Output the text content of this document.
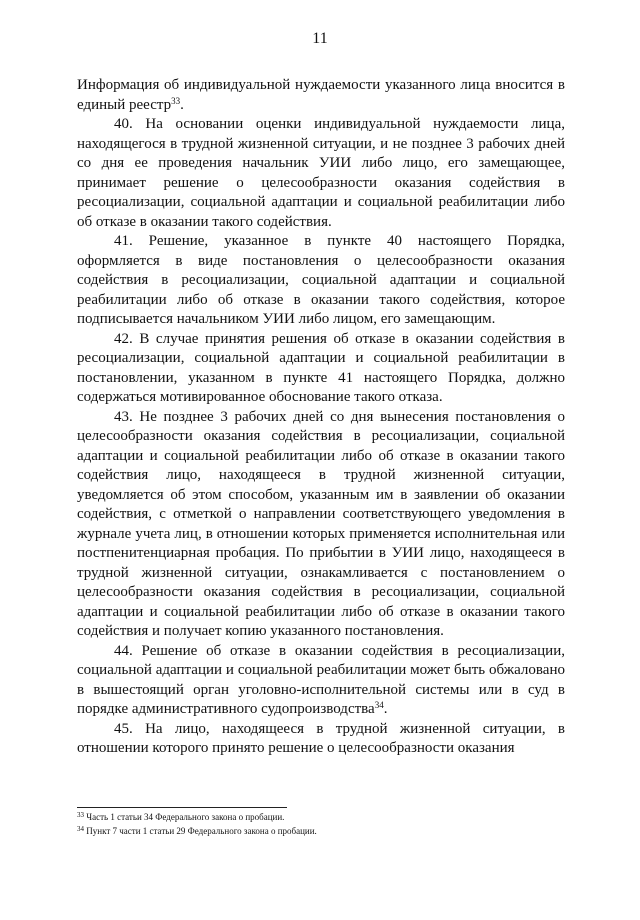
11

Информация об индивидуальной нуждаемости указанного лица вносится в единый реестр$^{33}$.

40. На основании оценки индивидуальной нуждаемости лица, находящегося в трудной жизненной ситуации, и не позднее 3 рабочих дней со дня ее проведения начальник УИИ либо лицо, его замещающее, принимает решение о целесообразности оказания содействия в ресоциализации, социальной адаптации и социальной реабилитации либо об отказе в оказании такого содействия.

41. Решение, указанное в пункте 40 настоящего Порядка, оформляется в виде постановления о целесообразности оказания содействия в ресоциализации, социальной адаптации и социальной реабилитации либо об отказе в оказании такого содействия, которое подписывается начальником УИИ либо лицом, его замещающим.

42. В случае принятия решения об отказе в оказании содействия в ресоциализации, социальной адаптации и социальной реабилитации в постановлении, указанном в пункте 41 настоящего Порядка, должно содержаться мотивированное обоснование такого отказа.

43. Не позднее 3 рабочих дней со дня вынесения постановления о целесообразности оказания содействия в ресоциализации, социальной адаптации и социальной реабилитации либо об отказе в оказании такого содействия лицо, находящееся в трудной жизненной ситуации, уведомляется об этом способом, указанным им в заявлении об оказании содействия, с отметкой о направлении соответствующего уведомления в журнале учета лиц, в отношении которых применяется исполнительная или постпенитенциарная пробация. По прибытии в УИИ лицо, находящееся в трудной жизненной ситуации, ознакамливается с постановлением о целесообразности оказания содействия в ресоциализации, социальной адаптации и социальной реабилитации либо об отказе в оказании такого содействия и получает копию указанного постановления.

44. Решение об отказе в оказании содействия в ресоциализации, социальной адаптации и социальной реабилитации может быть обжаловано в вышестоящий орган уголовно-исполнительной системы или в суд в порядке административного судопроизводства$^{34}$.

45. На лицо, находящееся в трудной жизненной ситуации, в отношении которого принято решение о целесообразности оказания

$^{33}$ Часть 1 статьи 34 Федерального закона о пробации.
$^{34}$ Пункт 7 части 1 статьи 29 Федерального закона о пробации.
